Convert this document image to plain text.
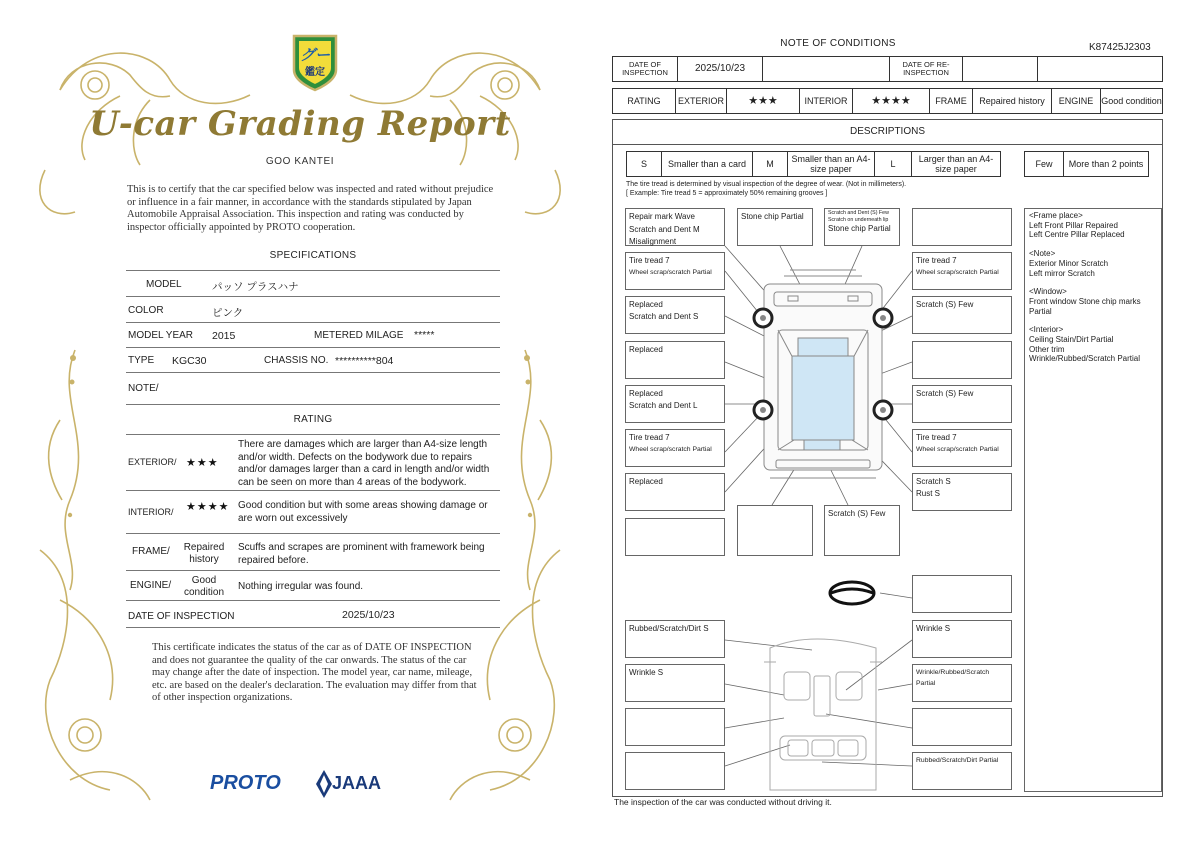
グー
鑑定
U-car Grading Report
GOO KANTEI
This is to certify that the car specified below was inspected and rated without prejudice or influence in a fair manner, in accordance with the standards stipulated by Japan Automobile Appraisal Association. This inspection and rating was conducted by inspector officially appointed by PROTO cooperation.
SPECIFICATIONS
MODEL	パッソ プラスハナ
COLOR	ピンク
MODEL YEAR 2015	METERED MILAGE *****
TYPE KGC30	CHASSIS NO. **********804
NOTE/
RATING
EXTERIOR/ ★★★
There are damages which are larger than A4-size length and/or width. Defects on the bodywork due to repairs and/or damages larger than a card in length and/or width can be seen on more than 4 areas of the bodywork.
INTERIOR/ ★★★★ Good condition but with some areas showing damage or are worn out excessively
FRAME/	Repaired history
Scuffs and scrapes are prominent with framework being repaired before.
ENGINE/	Good condition
Nothing irregular was found.
DATE OF INSPECTION	2025/10/23
This certificate indicates the status of the car as of DATE OF INSPECTION and does not guarantee the quality of the car onwards. The status of the car may change after the date of inspection. The model year, car name, mileage, etc. are based on the dealer's declaration. The evaluation may differ from that of other inspection organizations.
PROTO	JAAA
NOTE OF CONDITIONS	K87425J2303
DATE OF INSPECTION	2025/10/23	DATE OF RE-INSPECTION
RATING	EXTERIOR	★★★	INTERIOR	★★★★	FRAME	Repaired history	ENGINE Good condition
DESCRIPTIONS
S	Smaller than a card	M	Smaller than an A4-size paper	L	Larger than an A4-size paper	Few	More than 2 points
The tire tread is determined by visual inspection of the degree of wear. (Not in millimeters).
[ Example: Tire tread 5 = approximately 50% remaining grooves ]
Repair mark Wave
Scratch and Dent M
Misalignment
Tire tread 7
Wheel scrap/scratch Partial
Replaced
Scratch and Dent S
Replaced
Replaced
Scratch and Dent L
Tire tread 7
Wheel scrap/scratch Partial
Replaced
Stone chip Partial	Scratch and Dent (S) Few
Scratch on underneath lip
Stone chip Partial
Tire tread 7
Wheel scrap/scratch Partial
Scratch (S) Few
Scratch (S) Few
Tire tread 7
Wheel scrap/scratch Partial
Scratch S
Rust S
Scratch (S) Few
Rubbed/Scratch/Dirt S
Wrinkle S
Wrinkle S
Wrinkle/Rubbed/Scratch Partial
Rubbed/Scratch/Dirt Partial

<Frame place>
Left Front Pillar Repaired
Left Centre Pillar Replaced

<Note>
Exterior Minor Scratch
Left mirror Scratch

<Window>
Front window Stone chip marks Partial

<Interior>
Ceiling Stain/Dirt Partial
Other trim
Wrinkle/Rubbed/Scratch Partial

The inspection of the car was conducted without driving it.
